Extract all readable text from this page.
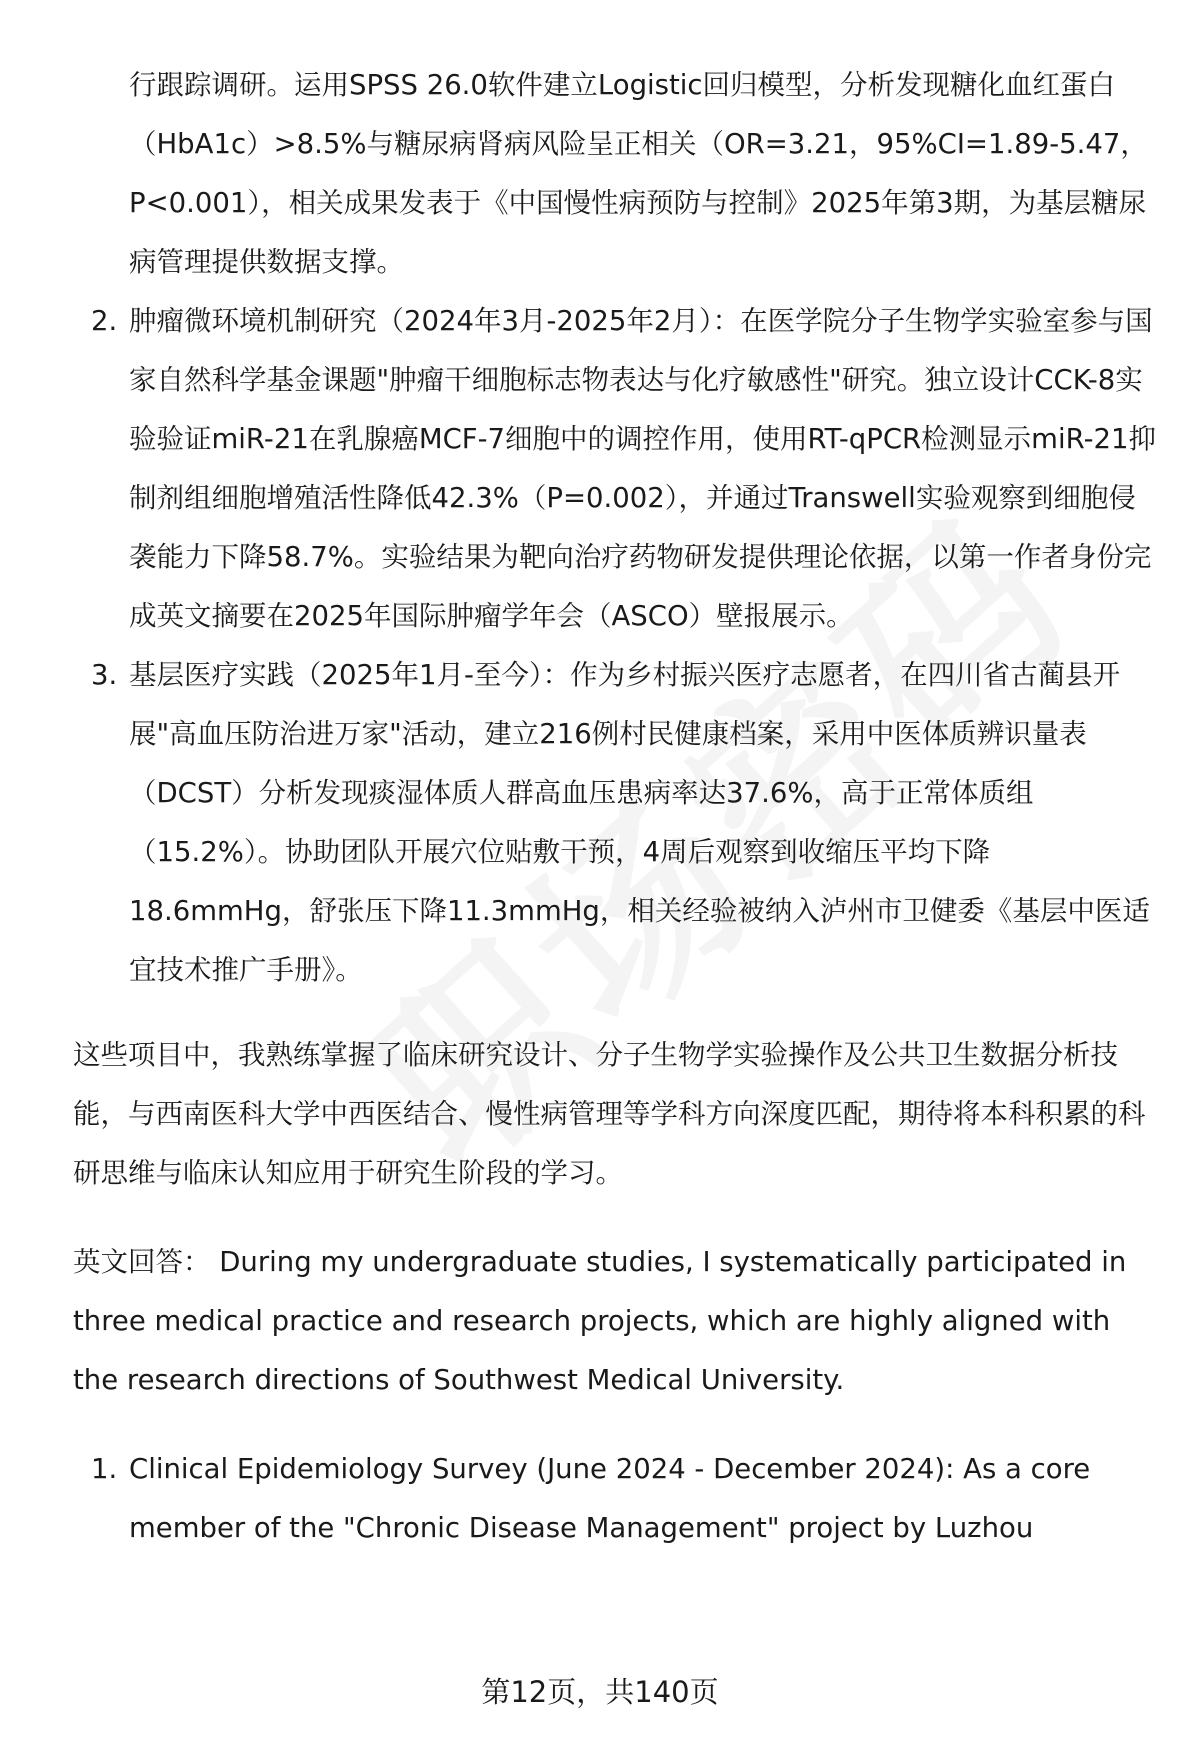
行跟踪调研。运用SPSS 26.0软件建立Logistic回归模型，分析发现糖化血红蛋白（HbA1c）>8.5%与糖尿病肾病风险呈正相关（OR=3.21，95%CI=1.89-5.47，P<0.001），相关成果发表于《中国慢性病预防与控制》2025年第3期，为基层糖尿病管理提供数据支撑。
2. 肿瘤微环境机制研究（2024年3月-2025年2月）：在医学院分子生物学实验室参与国家自然科学基金课题"肿瘤干细胞标志物表达与化疗敏感性"研究。独立设计CCK-8实验验证miR-21在乳腺癌MCF-7细胞中的调控作用，使用RT-qPCR检测显示miR-21抑制剂组细胞增殖活性降低42.3%（P=0.002），并通过Transwell实验观察到细胞侵袭能力下降58.7%。实验结果为靶向治疗药物研发提供理论依据，以第一作者身份完成英文摘要在2025年国际肿瘤学年会（ASCO）壁报展示。
3. 基层医疗实践（2025年1月-至今）：作为乡村振兴医疗志愿者，在四川省古蔺县开展"高血压防治进万家"活动，建立216例村民健康档案，采用中医体质辨识量表（DCST）分析发现痰湿体质人群高血压患病率达37.6%，高于正常体质组（15.2%）。协助团队开展穴位贴敷干预，4周后观察到收缩压平均下降18.6mmHg，舒张压下降11.3mmHg，相关经验被纳入泸州市卫健委《基层中医适宜技术推广手册》。
这些项目中，我熟练掌握了临床研究设计、分子生物学实验操作及公共卫生数据分析技能，与西南医科大学中西医结合、慢性病管理等学科方向深度匹配，期待将本科积累的科研思维与临床认知应用于研究生阶段的学习。
英文回答： During my undergraduate studies, I systematically participated in three medical practice and research projects, which are highly aligned with the research directions of Southwest Medical University.
1. Clinical Epidemiology Survey (June 2024 - December 2024): As a core member of the "Chronic Disease Management" project by Luzhou
第12页，共140页
